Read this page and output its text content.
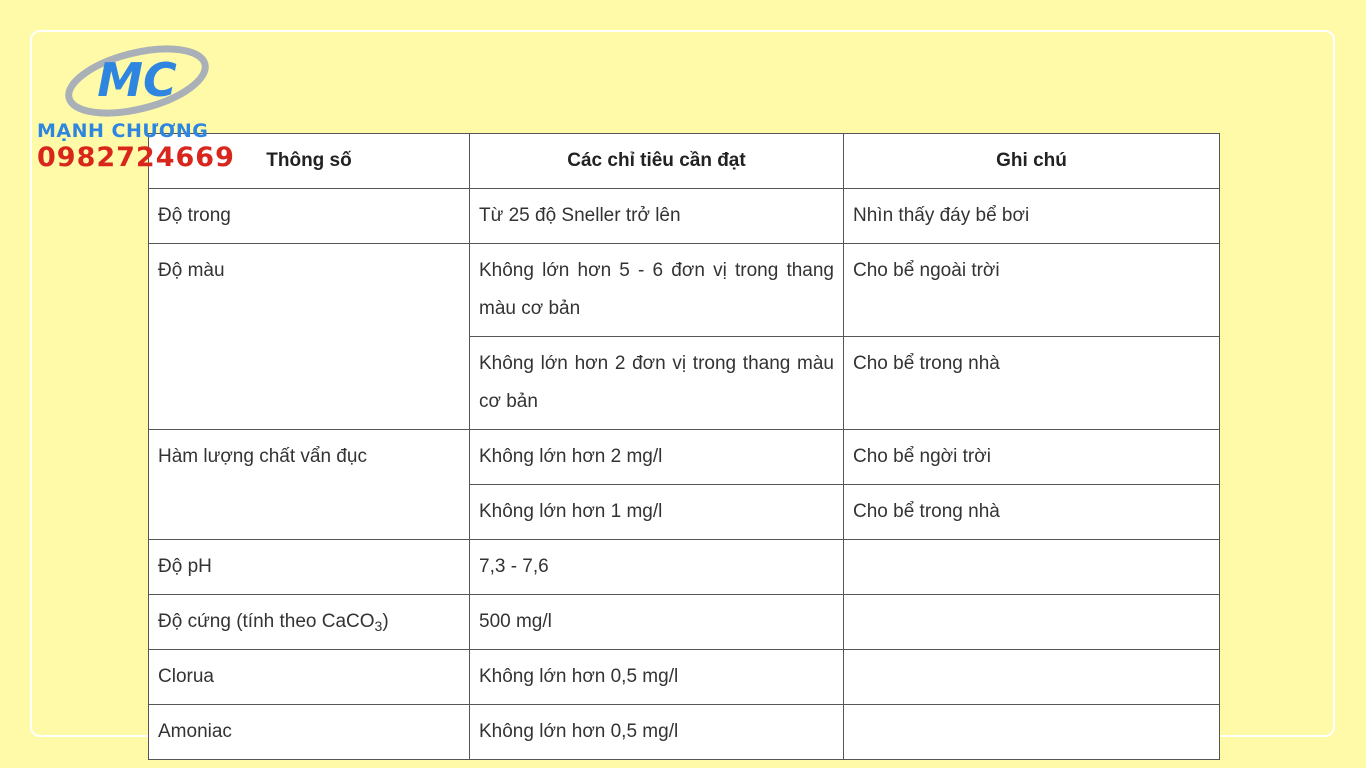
Thông số	Các chỉ tiêu cần đạt	Ghi chú
Độ trong	Từ 25 độ Sneller trở lên	Nhìn thấy đáy bể bơi
Độ màu	Không lớn hơn 5 - 6 đơn vị trong thang màu cơ bản	Cho bể ngoài trời
	Không lớn hơn 2 đơn vị trong thang màu cơ bản	Cho bể trong nhà
Hàm lượng chất vẩn đục	Không lớn hơn 2 mg/l	Cho bể ngời trời
	Không lớn hơn 1 mg/l	Cho bể trong nhà
Độ pH	7,3 - 7,6	
Độ cứng (tính theo CaCO$_3$)	500 mg/l	
Clorua	Không lớn hơn 0,5 mg/l	
Amoniac	Không lớn hơn 0,5 mg/l	
MC
MẠNH CHƯƠNG
0982724669
